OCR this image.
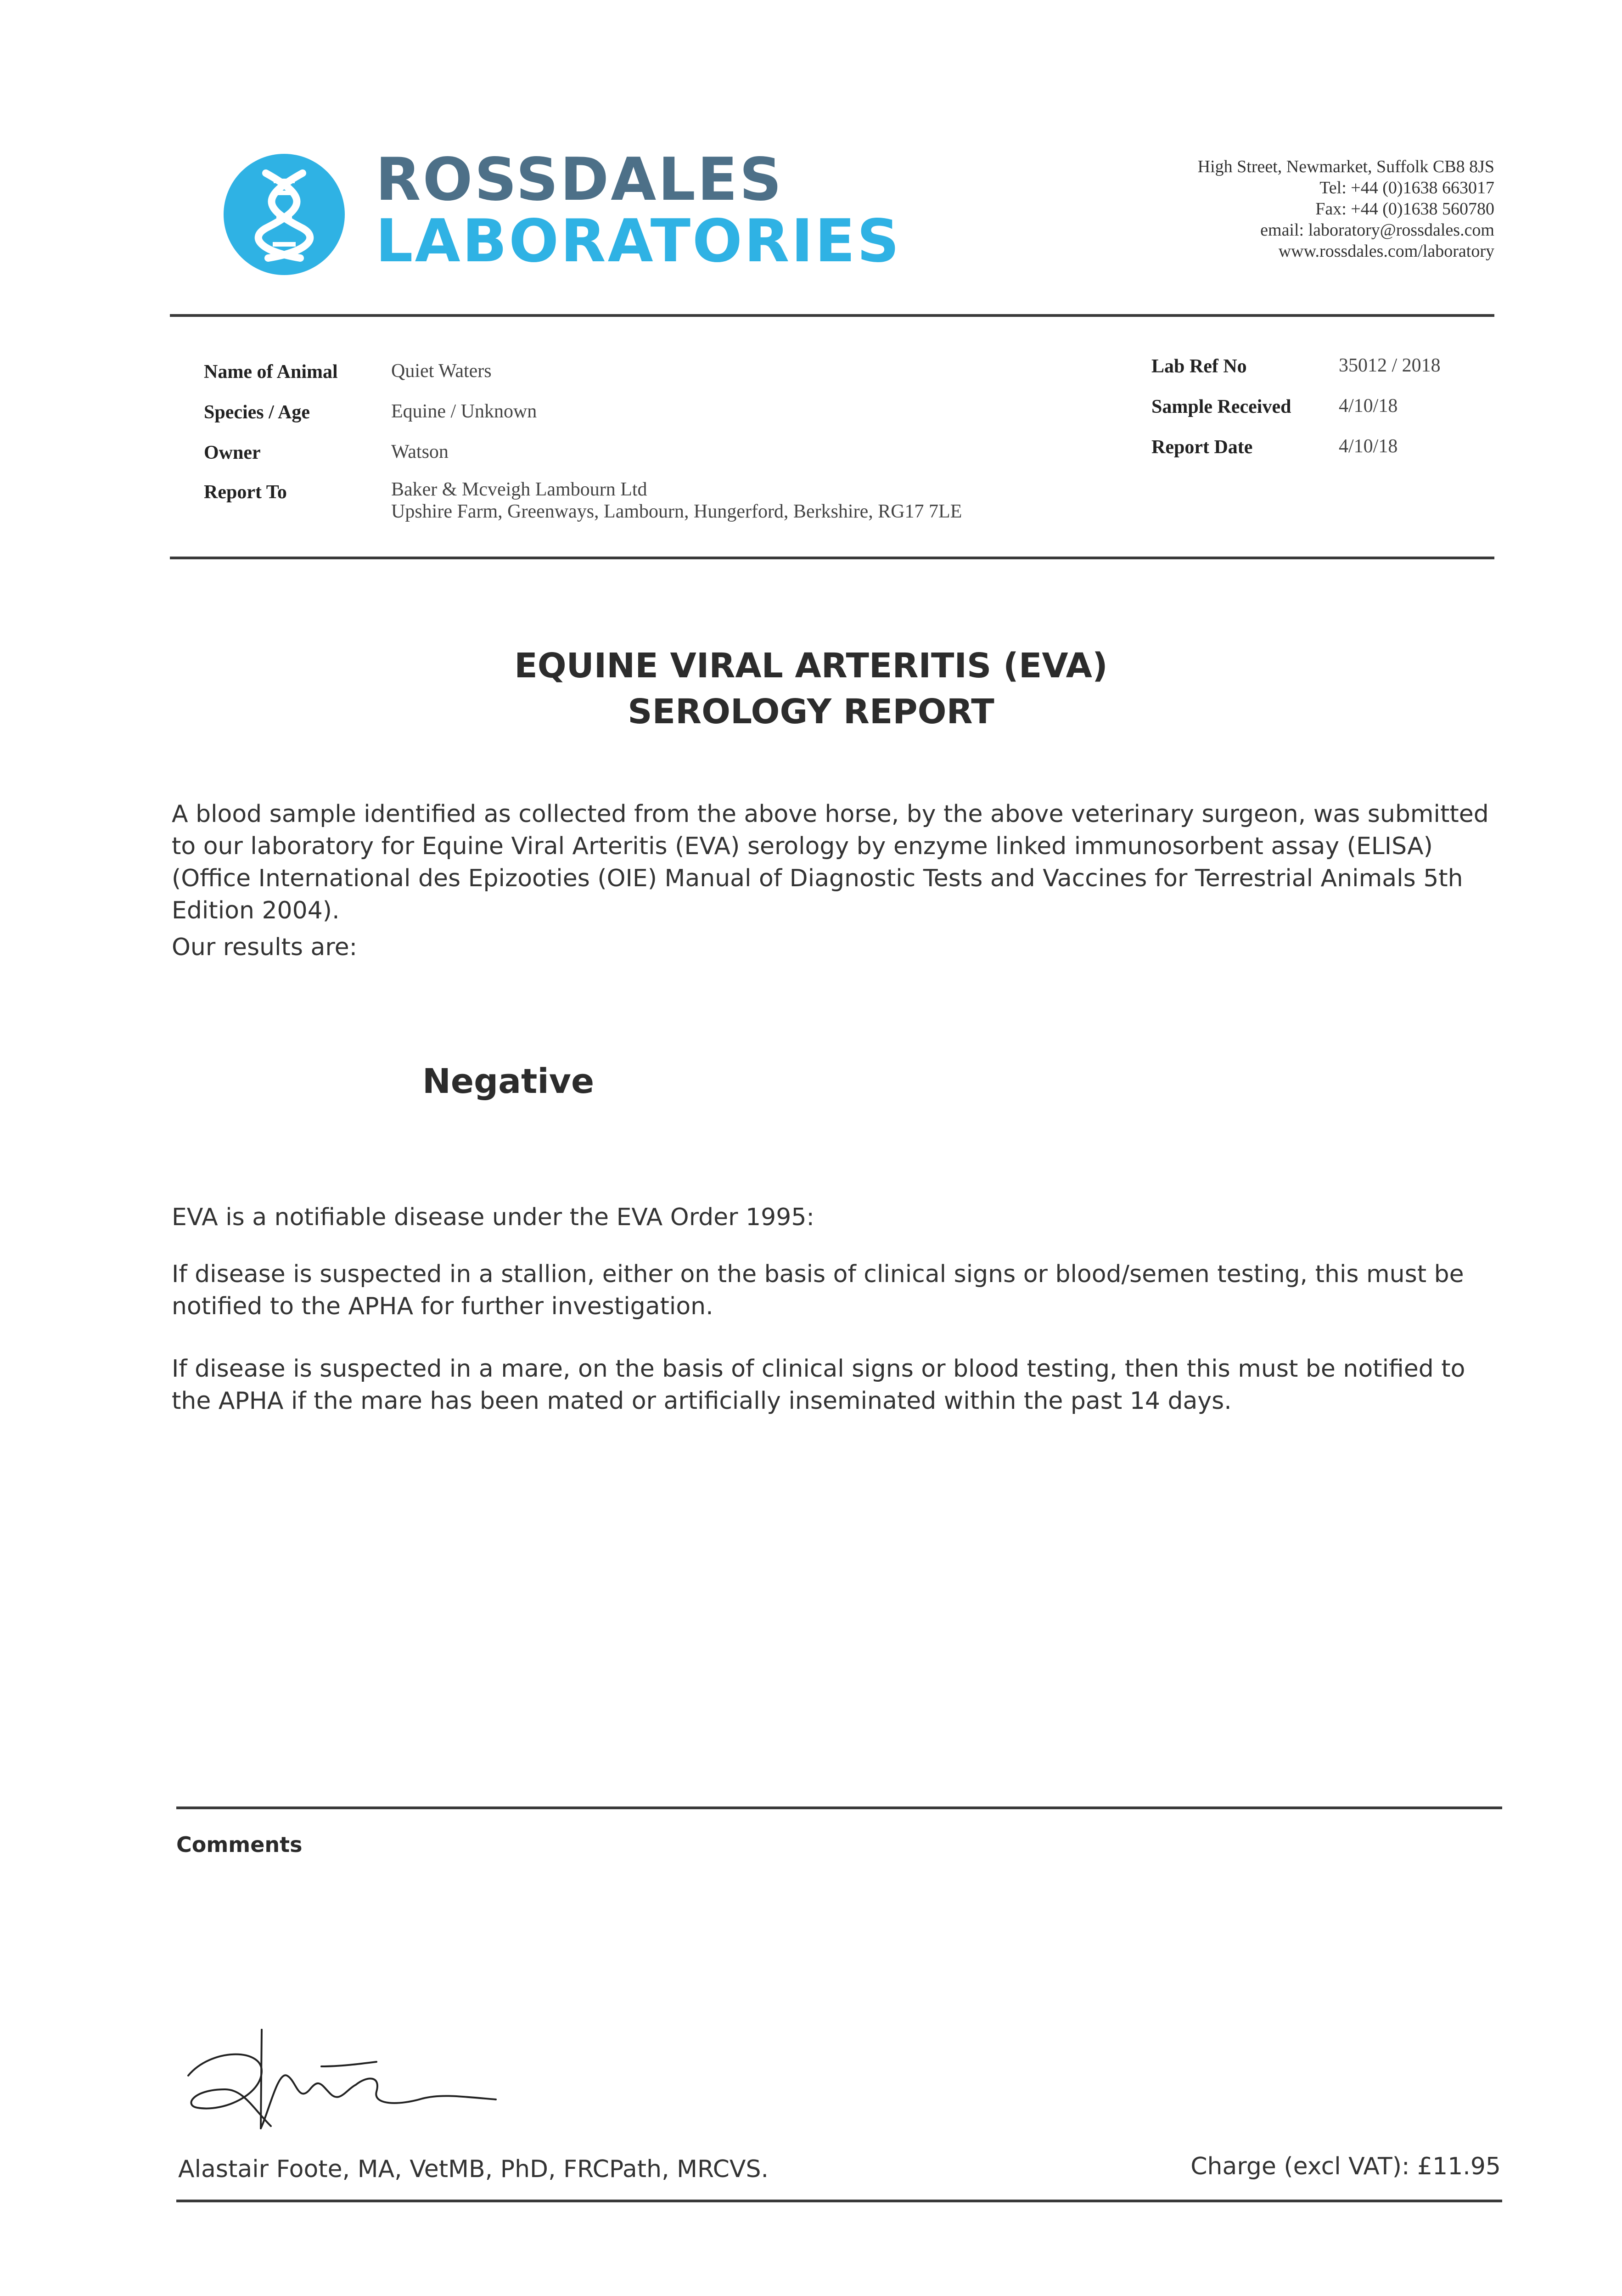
ROSSDALES
LABORATORIES
High Street, Newmarket, Suffolk CB8 8JS
Tel: +44 (0)1638 663017
Fax: +44 (0)1638 560780
email: laboratory@rossdales.com
www.rossdales.com/laboratory
Name of Animal	Quiet Waters
Species / Age	Equine / Unknown
Owner	Watson
Report To	Baker & Mcveigh Lambourn Ltd
Upshire Farm, Greenways, Lambourn, Hungerford, Berkshire, RG17 7LE
Lab Ref No	35012 / 2018
Sample Received 4/10/18
Report Date	4/10/18
EQUINE VIRAL ARTERITIS (EVA)
SEROLOGY REPORT
A blood sample identified as collected from the above horse, by the above veterinary surgeon, was submitted to our laboratory for Equine Viral Arteritis (EVA) serology by enzyme linked immunosorbent assay (ELISA) (Office International des Epizooties (OIE) Manual of Diagnostic Tests and Vaccines for Terrestrial Animals 5th Edition 2004).
Our results are:
Negative
EVA is a notifiable disease under the EVA Order 1995:
If disease is suspected in a stallion, either on the basis of clinical signs or blood/semen testing, this must be notified to the APHA for further investigation.
If disease is suspected in a mare, on the basis of clinical signs or blood testing, then this must be notified to the APHA if the mare has been mated or artificially inseminated within the past 14 days.
Comments
Alastair Foote, MA, VetMB, PhD, FRCPath, MRCVS.	Charge (excl VAT): £11.95
